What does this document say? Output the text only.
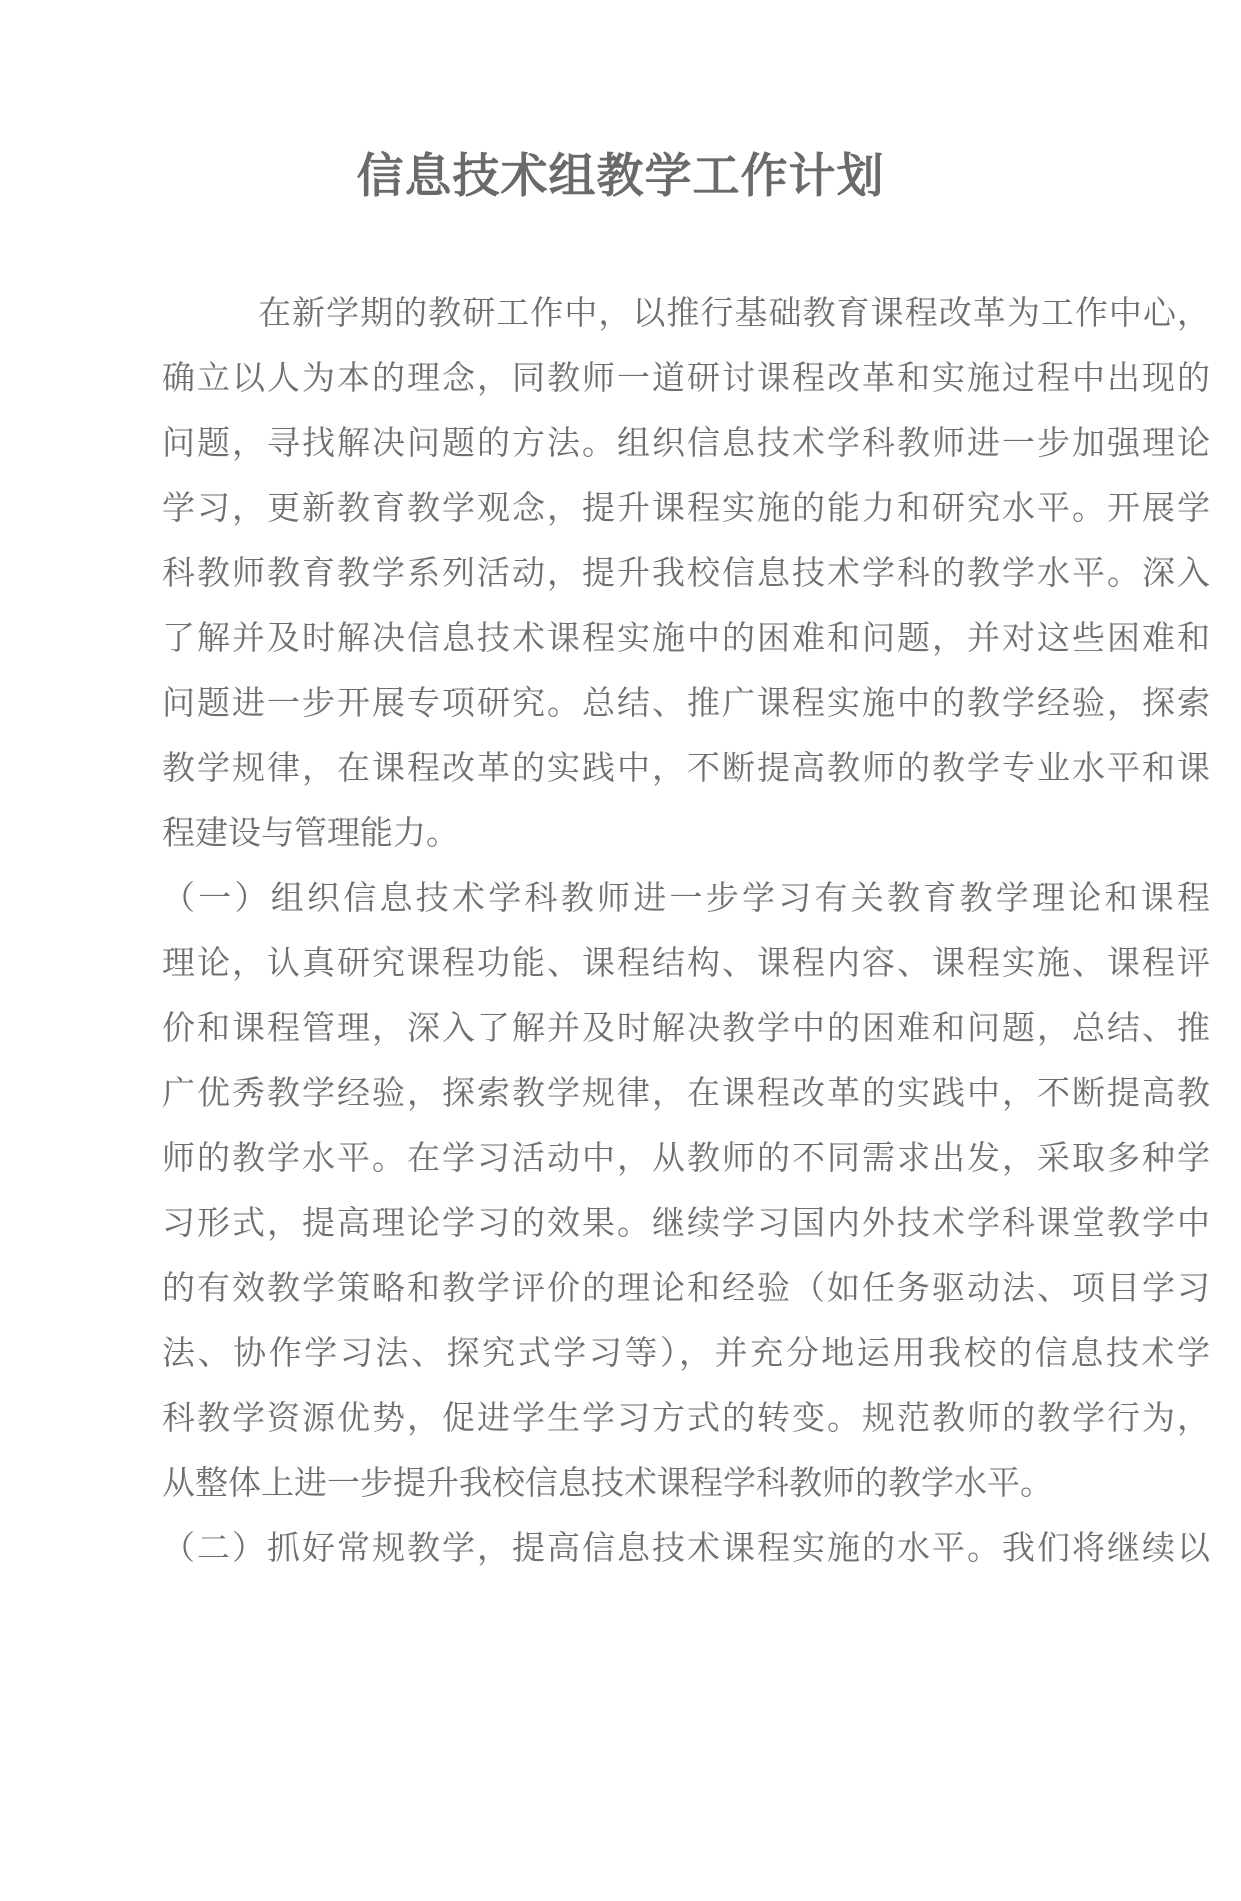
信息技术组教学工作计划
在新学期的教研工作中，以推行基础教育课程改革为工作中心，
确立以人为本的理念，同教师一道研讨课程改革和实施过程中出现的
问题，寻找解决问题的方法。组织信息技术学科教师进一步加强理论
学习，更新教育教学观念，提升课程实施的能力和研究水平。开展学
科教师教育教学系列活动，提升我校信息技术学科的教学水平。深入
了解并及时解决信息技术课程实施中的困难和问题，并对这些困难和
问题进一步开展专项研究。总结、推广课程实施中的教学经验，探索
教学规律，在课程改革的实践中，不断提高教师的教学专业水平和课
程建设与管理能力。
（一）组织信息技术学科教师进一步学习有关教育教学理论和课程
理论，认真研究课程功能、课程结构、课程内容、课程实施、课程评
价和课程管理，深入了解并及时解决教学中的困难和问题，总结、推
广优秀教学经验，探索教学规律，在课程改革的实践中，不断提高教
师的教学水平。在学习活动中，从教师的不同需求出发，采取多种学
习形式，提高理论学习的效果。继续学习国内外技术学科课堂教学中
的有效教学策略和教学评价的理论和经验（如任务驱动法、项目学习
法、协作学习法、探究式学习等），并充分地运用我校的信息技术学
科教学资源优势，促进学生学习方式的转变。规范教师的教学行为，
从整体上进一步提升我校信息技术课程学科教师的教学水平。
（二）抓好常规教学，提高信息技术课程实施的水平。我们将继续以
